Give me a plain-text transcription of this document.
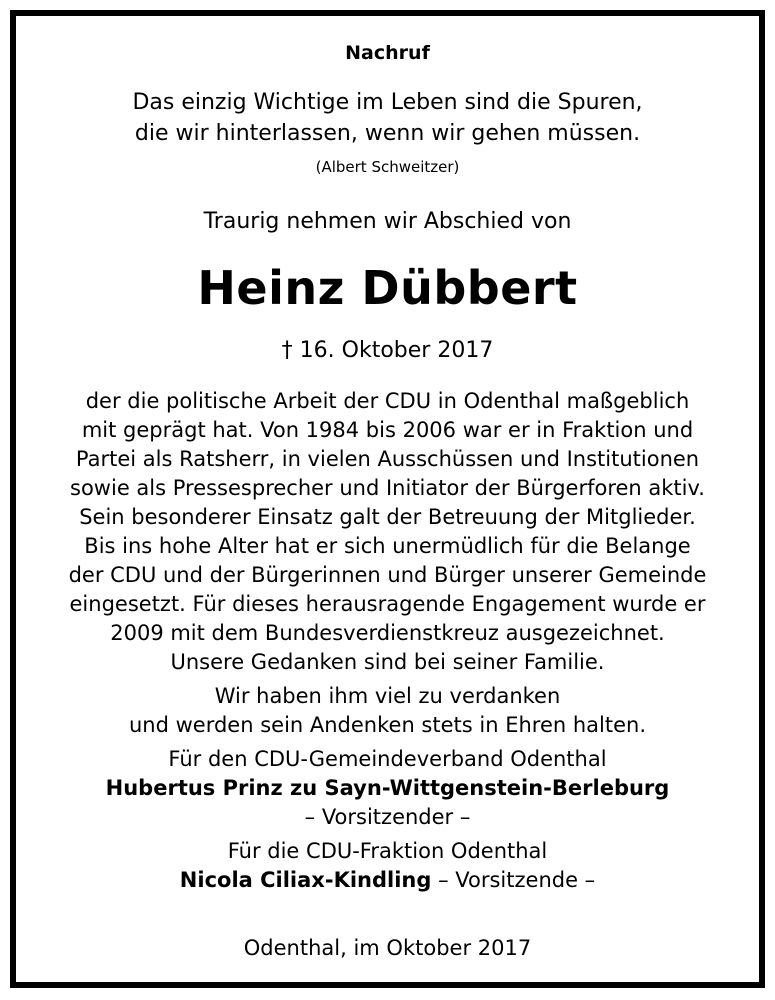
Nachruf
Das einzig Wichtige im Leben sind die Spuren,
die wir hinterlassen, wenn wir gehen müssen.
(Albert Schweitzer)
Traurig nehmen wir Abschied von
Heinz Dübbert
† 16. Oktober 2017
der die politische Arbeit der CDU in Odenthal maßgeblich
mit geprägt hat. Von 1984 bis 2006 war er in Fraktion und
Partei als Ratsherr, in vielen Ausschüssen und Institutionen
sowie als Pressesprecher und Initiator der Bürgerforen aktiv.
Sein besonderer Einsatz galt der Betreuung der Mitglieder.
Bis ins hohe Alter hat er sich unermüdlich für die Belange
der CDU und der Bürgerinnen und Bürger unserer Gemeinde
eingesetzt. Für dieses herausragende Engagement wurde er
2009 mit dem Bundesverdienstkreuz ausgezeichnet.
Unsere Gedanken sind bei seiner Familie.
Wir haben ihm viel zu verdanken
und werden sein Andenken stets in Ehren halten.
Für den CDU-Gemeindeverband Odenthal
Hubertus Prinz zu Sayn-Wittgenstein-Berleburg
– Vorsitzender –
Für die CDU-Fraktion Odenthal
Nicola Ciliax-Kindling – Vorsitzende –
Odenthal, im Oktober 2017
